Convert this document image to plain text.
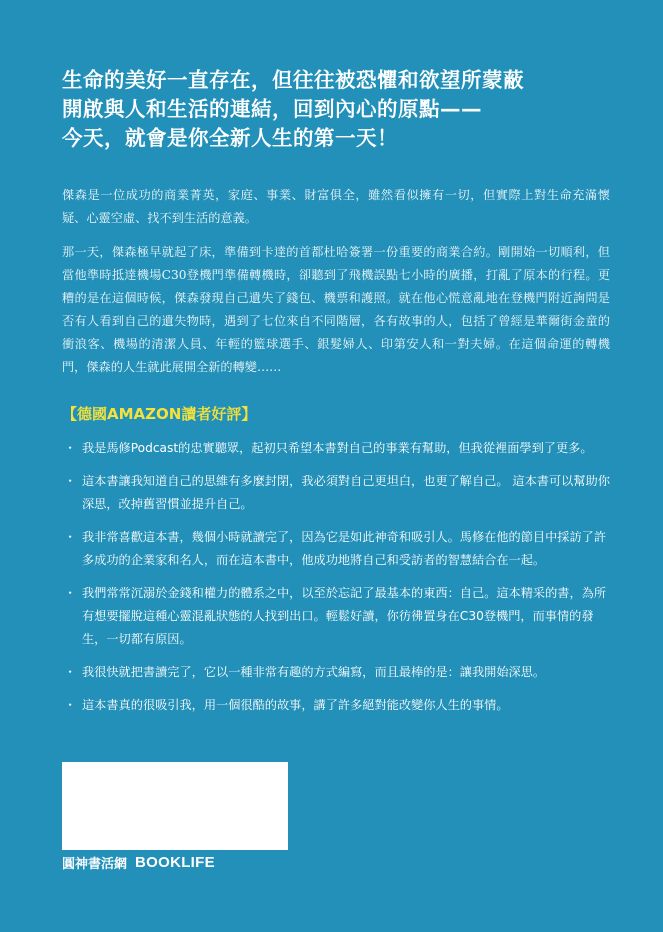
生命的美好一直存在，但往往被恐懼和欲望所蒙蔽
開啟與人和生活的連結，回到內心的原點——
今天，就會是你全新人生的第一天！

傑森是一位成功的商業菁英，家庭、事業、財富俱全，雖然看似擁有一切，但實際上對生命充滿懷疑、心靈空虛、找不到生活的意義。

那一天，傑森極早就起了床，準備到卡達的首都杜哈簽署一份重要的商業合約。剛開始一切順利，但當他準時抵達機場C30登機門準備轉機時，卻聽到了飛機誤點七小時的廣播，打亂了原本的行程。更糟的是在這個時候，傑森發現自己遺失了錢包、機票和護照。就在他心慌意亂地在登機門附近詢問是否有人看到自己的遺失物時，遇到了七位來自不同階層，各有故事的人，包括了曾經是華爾街金童的衝浪客、機場的清潔人員、年輕的籃球選手、銀髮婦人、印第安人和一對夫婦。在這個命運的轉機門，傑森的人生就此展開全新的轉變……

【德國AMAZON讀者好評】
・ 我是馬修Podcast的忠實聽眾，起初只希望本書對自己的事業有幫助，但我從裡面學到了更多。
・ 這本書讓我知道自己的思維有多麼封閉，我必須對自己更坦白，也更了解自己。 這本書可以幫助你深思，改掉舊習慣並提升自己。
・ 我非常喜歡這本書，幾個小時就讀完了，因為它是如此神奇和吸引人。馬修在他的節目中採訪了許多成功的企業家和名人，而在這本書中，他成功地將自己和受訪者的智慧結合在一起。
・ 我們常常沉溺於金錢和權力的體系之中，以至於忘記了最基本的東西：自己。這本精采的書，為所有想要擺脫這種心靈混亂狀態的人找到出口。輕鬆好讀，你彷彿置身在C30登機門，而事情的發生，一切都有原因。
・ 我很快就把書讀完了，它以一種非常有趣的方式編寫，而且最棒的是：讓我開始深思。
・ 這本書真的很吸引我，用一個很酷的故事，講了許多絕對能改變你人生的事情。
圓神書活網 BOOKLIFE
